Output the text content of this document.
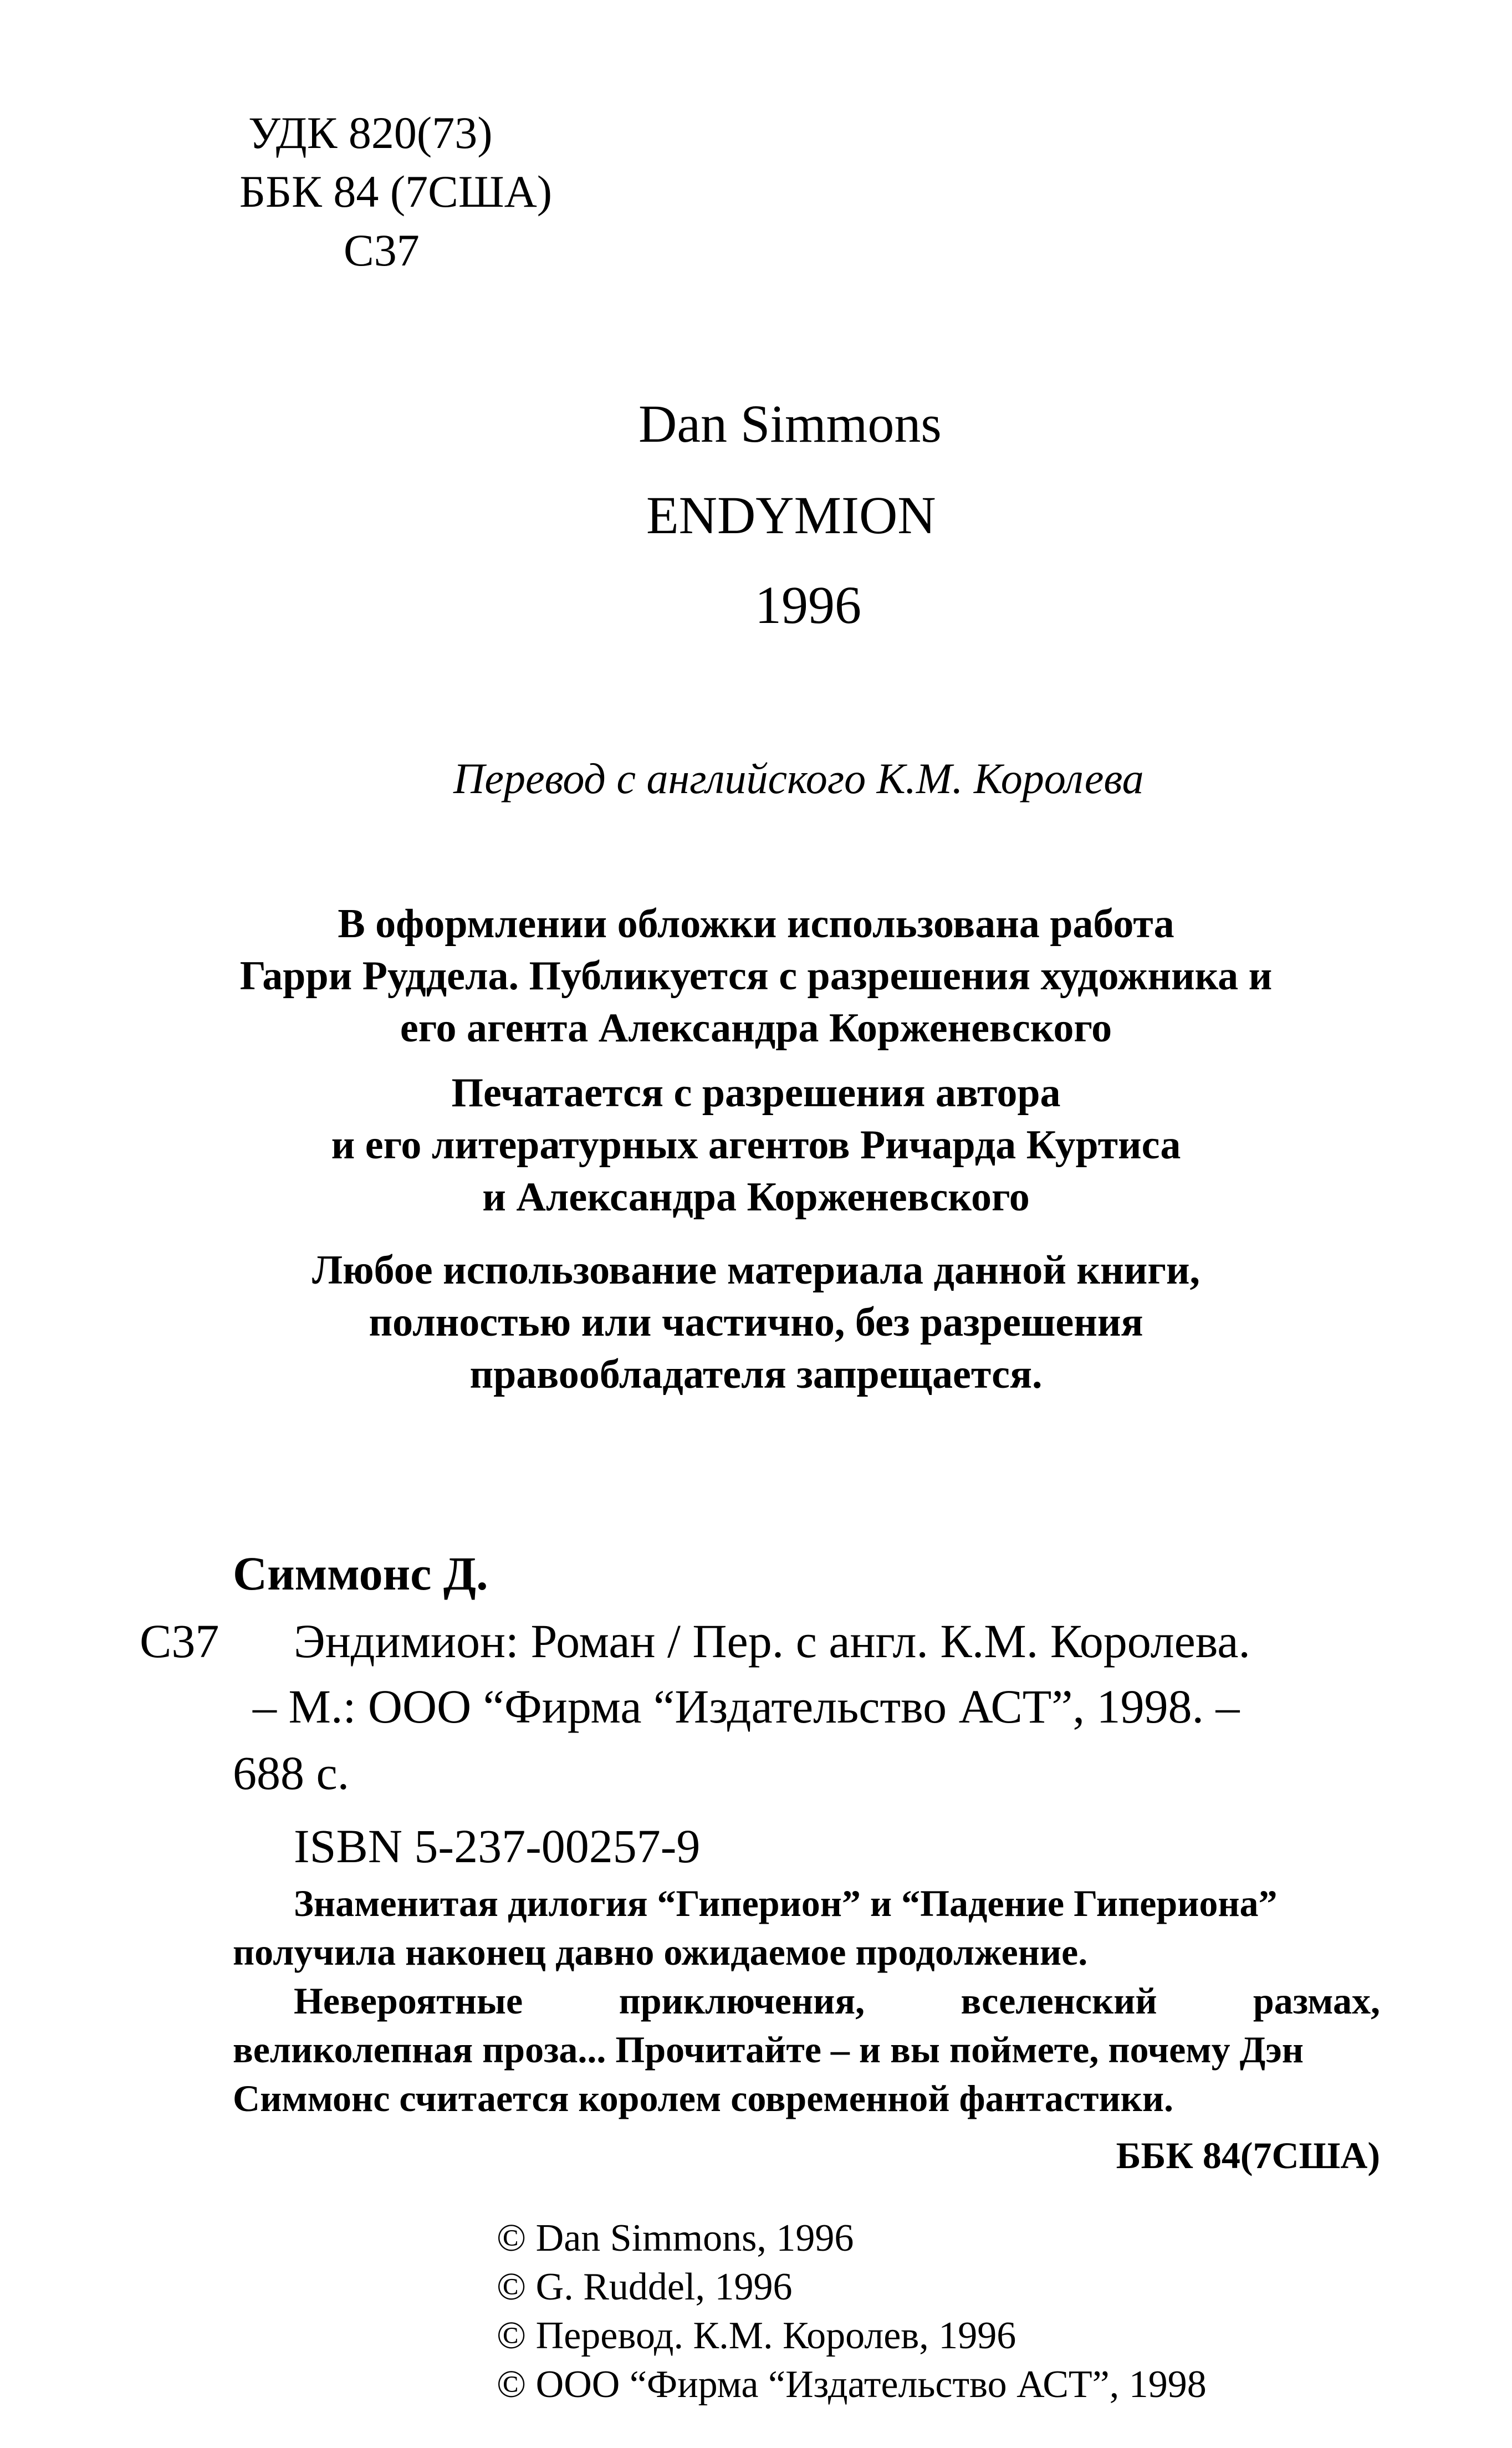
УДК 820(73)
ББК 84 (7США)
С37
Dan Simmons
ENDYMION
1996
Перевод с английского К.М. Королева
В оформлении обложки использована работа
Гарри Руддела. Публикуется с разрешения художника и
его агента Александра Корженевского
Печатается с разрешения автора
и его литературных агентов Ричарда Куртиса
и Александра Корженевского
Любое использование материала данной книги,
полностью или частично, без разрешения
правообладателя запрещается.
Симмонс Д.
С37 Эндимион: Роман / Пер. с англ. К.М. Королева.
– М.: ООО “Фирма “Издательство АСТ”, 1998. –
688 с.
ISBN 5-237-00257-9
Знаменитая дилогия “Гиперион” и “Падение Гипериона”
получила наконец давно ожидаемое продолжение.
Невероятные	приключения,	вселенский	размах,
великолепная проза... Прочитайте – и вы поймете, почему Дэн
Симмонс считается королем современной фантастики.
ББК 84(7США)
© Dan Simmons, 1996
© G. Ruddel, 1996
© Перевод. К.М. Королев, 1996
© ООО “Фирма “Издательство АСТ”, 1998
